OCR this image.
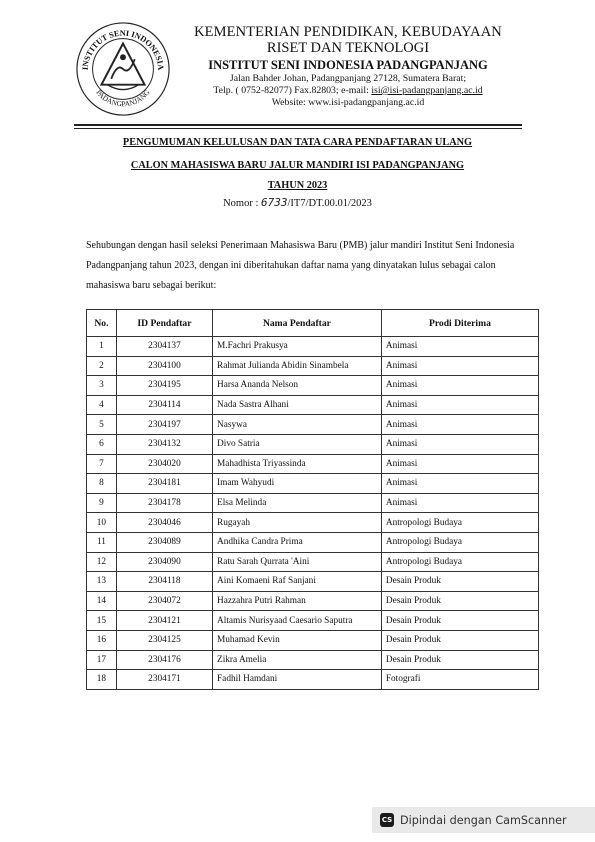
INSTITUT SENI INDONESIA
PADANGPANJANG
KEMENTERIAN PENDIDIKAN, KEBUDAYAAN
RISET DAN TEKNOLOGI
INSTITUT SENI INDONESIA PADANGPANJANG
Jalan Bahder Johan, Padangpanjang 27128, Sumatera Barat;
Telp. ( 0752-82077) Fax.82803; e-mail: isi@isi-padangpanjang.ac.id
Website: www.isi-padangpanjang.ac.id
PENGUMUMAN KELULUSAN DAN TATA CARA PENDAFTARAN ULANG
CALON MAHASISWA BARU JALUR MANDIRI ISI PADANGPANJANG
TAHUN 2023
Nomor : 6733/IT7/DT.00.01/2023
Sehubungan dengan hasil seleksi Penerimaan Mahasiswa Baru (PMB) jalur mandiri Institut Seni Indonesia Padangpanjang tahun 2023, dengan ini diberitahukan daftar nama yang dinyatakan lulus sebagai calon mahasiswa baru sebagai berikut:
No.	ID Pendaftar	Nama Pendaftar	Prodi Diterima
1	2304137	M.Fachri Prakusya	Animasi
2	2304100	Rahmat Julianda Abidin Sinambela	Animasi
3	2304195	Harsa Ananda Nelson	Animasi
4	2304114	Nada Sastra Alhani	Animasi
5	2304197	Nasywa	Animasi
6	2304132	Divo Satria	Animasi
7	2304020	Mahadhista Triyassinda	Animasi
8	2304181	Imam Wahyudi	Animasi
9	2304178	Elsa Melinda	Animasi
10	2304046	Rugayah	Antropologi Budaya
11	2304089	Andhika Candra Prima	Antropologi Budaya
12	2304090	Ratu Sarah Qurrata 'Aini	Antropologi Budaya
13	2304118	Aini Komaeni Raf Sanjani	Desain Produk
14	2304072	Hazzahra Putri Rahman	Desain Produk
15	2304121	Altamis Nurisyaad Caesario Saputra	Desain Produk
16	2304125	Muhamad Kevin	Desain Produk
17	2304176	Zikra Amelia	Desain Produk
18	2304171	Fadhil Hamdani	Fotografi
CS Dipindai dengan CamScanner
